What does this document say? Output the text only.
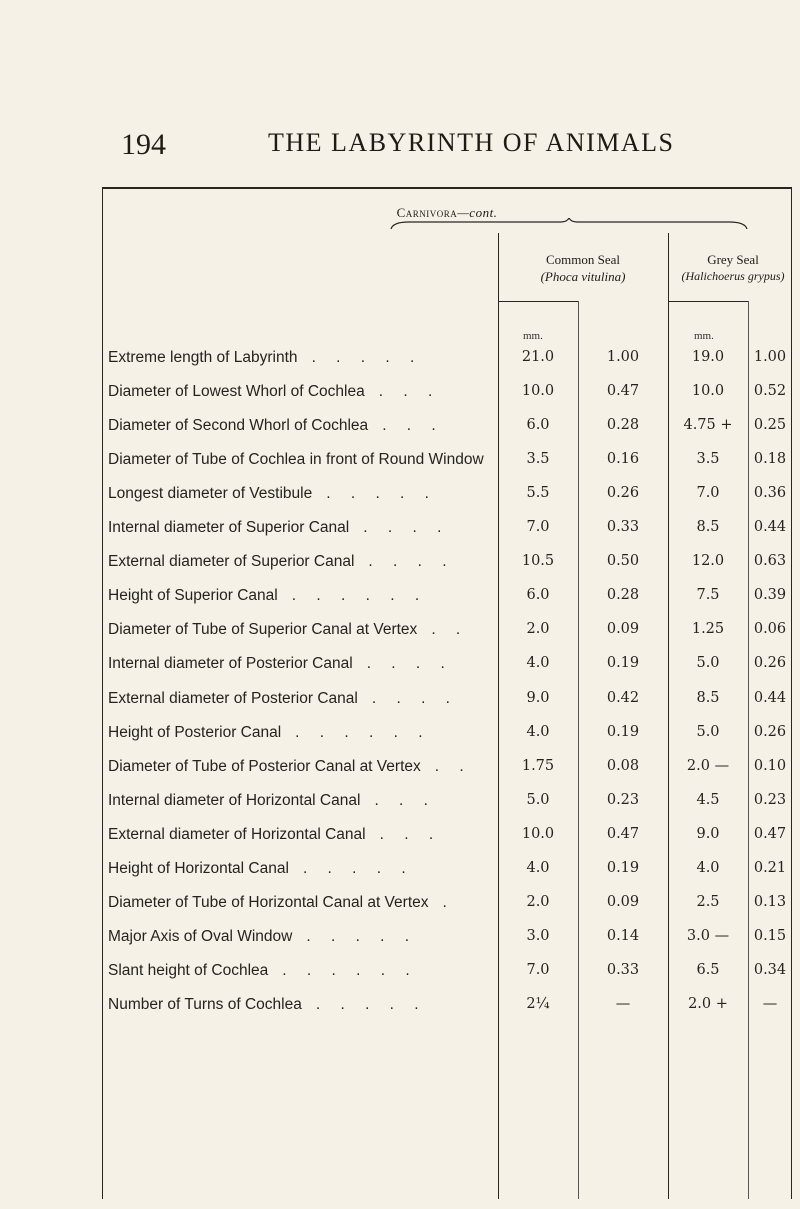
194	THE LABYRINTH OF ANIMALS
Carnivora—cont.
Common Seal
(Phoca vitulina)
Grey Seal
(Halichoerus grypus)
mm.	mm.
Extreme length of Labyrinth . . . . .	21.0	1.00	19.0	1.00
Diameter of Lowest Whorl of Cochlea . . .	10.0	0.47	10.0	0.52
Diameter of Second Whorl of Cochlea . . .	6.0	0.28	4.75 +	0.25
Diameter of Tube of Cochlea in front of Round Window	3.5	0.16	3.5	0.18
Longest diameter of Vestibule . . . . .	5.5	0.26	7.0	0.36
Internal diameter of Superior Canal . . . .	7.0	0.33	8.5	0.44
External diameter of Superior Canal . . . .	10.5	0.50	12.0	0.63
Height of Superior Canal . . . . . .	6.0	0.28	7.5	0.39
Diameter of Tube of Superior Canal at Vertex . .	2.0	0.09	1.25	0.06
Internal diameter of Posterior Canal . . . .	4.0	0.19	5.0	0.26
External diameter of Posterior Canal . . . .	9.0	0.42	8.5	0.44
Height of Posterior Canal . . . . . .	4.0	0.19	5.0	0.26
Diameter of Tube of Posterior Canal at Vertex . .	1.75	0.08	2.0 —	0.10
Internal diameter of Horizontal Canal . . .	5.0	0.23	4.5	0.23
External diameter of Horizontal Canal . . .	10.0	0.47	9.0	0.47
Height of Horizontal Canal . . . . .	4.0	0.19	4.0	0.21
Diameter of Tube of Horizontal Canal at Vertex .	2.0	0.09	2.5	0.13
Major Axis of Oval Window . . . . .	3.0	0.14	3.0 —	0.15
Slant height of Cochlea . . . . . .	7.0	0.33	6.5	0.34
Number of Turns of Cochlea . . . . .	2¼	—	2.0 +	—
